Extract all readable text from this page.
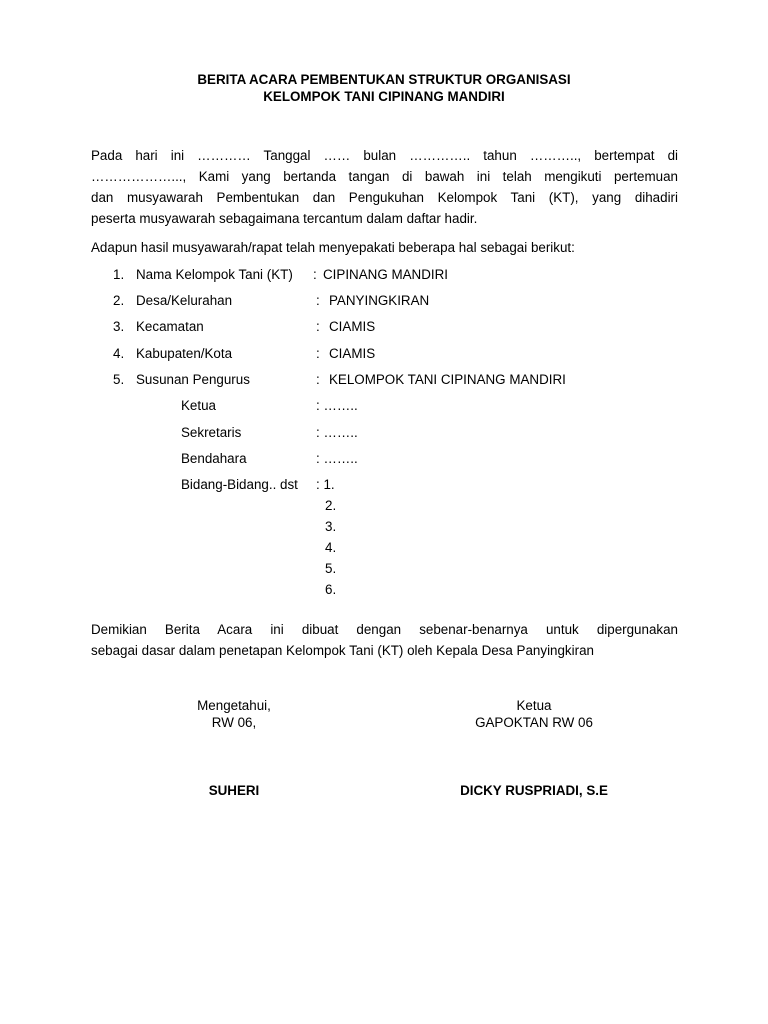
BERITA ACARA PEMBENTUKAN STRUKTUR ORGANISASI
KELOMPOK TANI CIPINANG MANDIRI
Pada hari ini ………… Tanggal …… bulan ………….. tahun ……….., bertempat di
………………..., Kami yang bertanda tangan di bawah ini telah mengikuti pertemuan
dan musyawarah Pembentukan dan Pengukuhan Kelompok Tani (KT), yang dihadiri
peserta musyawarah sebagaimana tercantum dalam daftar hadir.
Adapun hasil musyawarah/rapat telah menyepakati beberapa hal sebagai berikut:
1. Nama Kelompok Tani (KT) : CIPINANG MANDIRI
2. Desa/Kelurahan	: PANYINGKIRAN
3. Kecamatan	: CIAMIS
4. Kabupaten/Kota	: CIAMIS
5. Susunan Pengurus	: KELOMPOK TANI CIPINANG MANDIRI
Ketua	: ……..
Sekretaris	: ……..
Bendahara	: ……..
Bidang-Bidang.. dst : 1.
2.
3.
4.
5.
6.
Demikian Berita Acara ini dibuat dengan sebenar-benarnya untuk dipergunakan
sebagai dasar dalam penetapan Kelompok Tani (KT) oleh Kepala Desa Panyingkiran
Mengetahui,
RW 06,
SUHERI
Ketua
GAPOKTAN RW 06
DICKY RUSPRIADI, S.E
